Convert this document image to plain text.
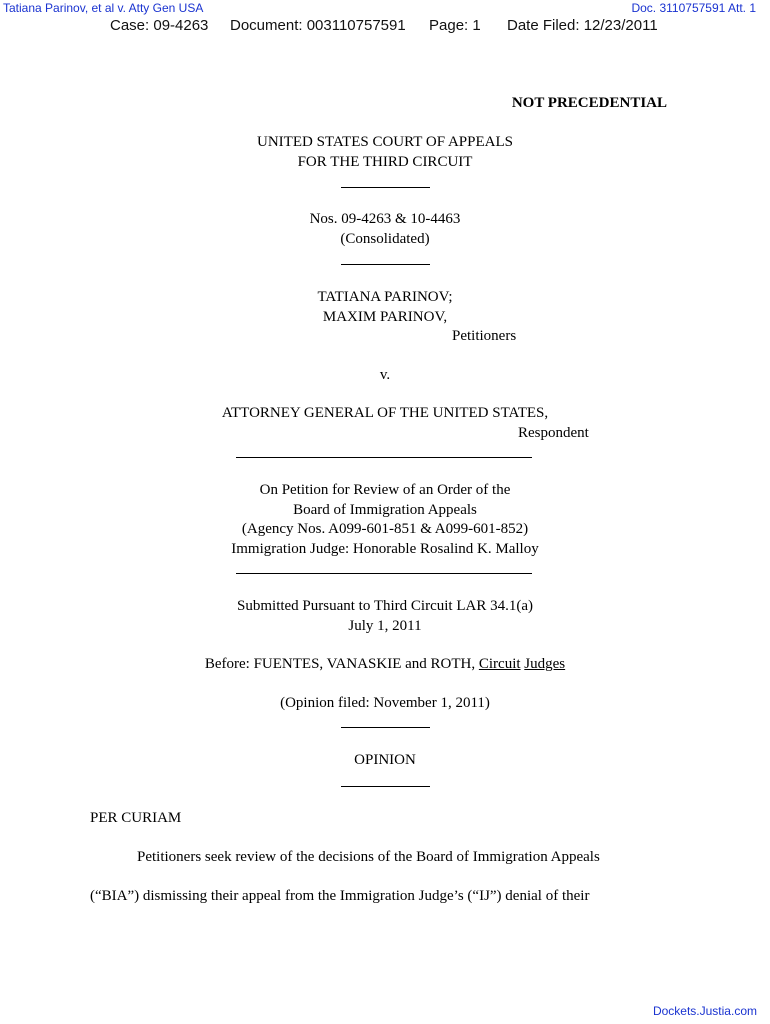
Tatiana Parinov, et al v. Atty Gen USA	Doc. 3110757591 Att. 1
Case: 09-4263 Document: 003110757591 Page: 1 Date Filed: 12/23/2011
NOT PRECEDENTIAL
UNITED STATES COURT OF APPEALS
FOR THE THIRD CIRCUIT
Nos. 09-4263 & 10-4463
(Consolidated)
TATIANA PARINOV;
MAXIM PARINOV,
Petitioners
v.
ATTORNEY GENERAL OF THE UNITED STATES,
Respondent
On Petition for Review of an Order of the
Board of Immigration Appeals
(Agency Nos. A099-601-851 & A099-601-852)
Immigration Judge: Honorable Rosalind K. Malloy
Submitted Pursuant to Third Circuit LAR 34.1(a)
July 1, 2011
Before: FUENTES, VANASKIE and ROTH, Circuit Judges
(Opinion filed: November 1, 2011)
OPINION
PER CURIAM
Petitioners seek review of the decisions of the Board of Immigration Appeals
(“BIA”) dismissing their appeal from the Immigration Judge’s (“IJ”) denial of their
Dockets.Justia.com
